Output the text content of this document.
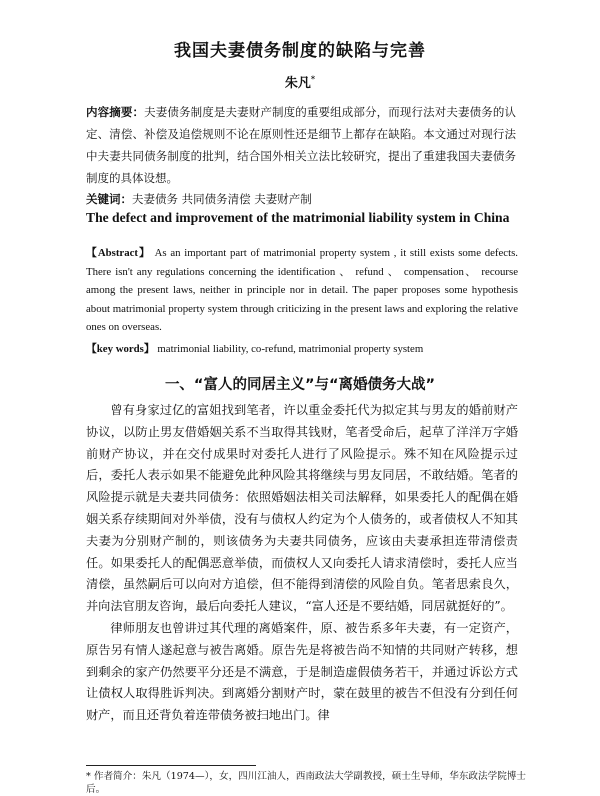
我国夫妻债务制度的缺陷与完善
朱凡*
内容摘要：夫妻债务制度是夫妻财产制度的重要组成部分，而现行法对夫妻债务的认定、清偿、补偿及追偿规则不论在原则性还是细节上都存在缺陷。本文通过对现行法中夫妻共同债务制度的批判，结合国外相关立法比较研究，提出了重建我国夫妻债务制度的具体设想。
关键词：夫妻债务 共同债务清偿 夫妻财产制
The defect and improvement of the matrimonial liability system in China
【Abstract】 As an important part of matrimonial property system , it still exists some defects. There isn't any regulations concerning the identification 、 refund 、 compensation、 recourse among the present laws, neither in principle nor in detail. The paper proposes some hypothesis about matrimonial property system through criticizing in the present laws and exploring the relative ones on overseas.
【key words】 matrimonial liability, co-refund, matrimonial property system
一、“富人的同居主义”与“离婚债务大战”

曾有身家过亿的富姐找到笔者，许以重金委托代为拟定其与男友的婚前财产协议，以防止男友借婚姻关系不当取得其钱财，笔者受命后，起草了洋洋万字婚前财产协议，并在交付成果时对委托人进行了风险提示。殊不知在风险提示过后，委托人表示如果不能避免此种风险其将继续与男友同居，不敢结婚。笔者的风险提示就是夫妻共同债务：依照婚姻法相关司法解释，如果委托人的配偶在婚姻关系存续期间对外举债，没有与债权人约定为个人债务的，或者债权人不知其夫妻为分别财产制的，则该债务为夫妻共同债务，应该由夫妻承担连带清偿责任。如果委托人的配偶恶意举债，而债权人又向委托人请求清偿时，委托人应当清偿，虽然嗣后可以向对方追偿，但不能得到清偿的风险自负。笔者思索良久，并向法官朋友咨询，最后向委托人建议，“富人还是不要结婚，同居就挺好的”。

律师朋友也曾讲过其代理的离婚案件，原、被告系多年夫妻，有一定资产，原告另有情人遂起意与被告离婚。原告先是将被告尚不知情的共同财产转移，想到剩余的家产仍然要平分还是不满意，于是制造虚假债务若干，并通过诉讼方式让债权人取得胜诉判决。到离婚分割财产时，蒙在鼓里的被告不但没有分到任何财产，而且还背负着连带债务被扫地出门。律

* 作者简介：朱凡（1974—），女，四川江油人，西南政法大学副教授，硕士生导师，华东政法学院博士后。
